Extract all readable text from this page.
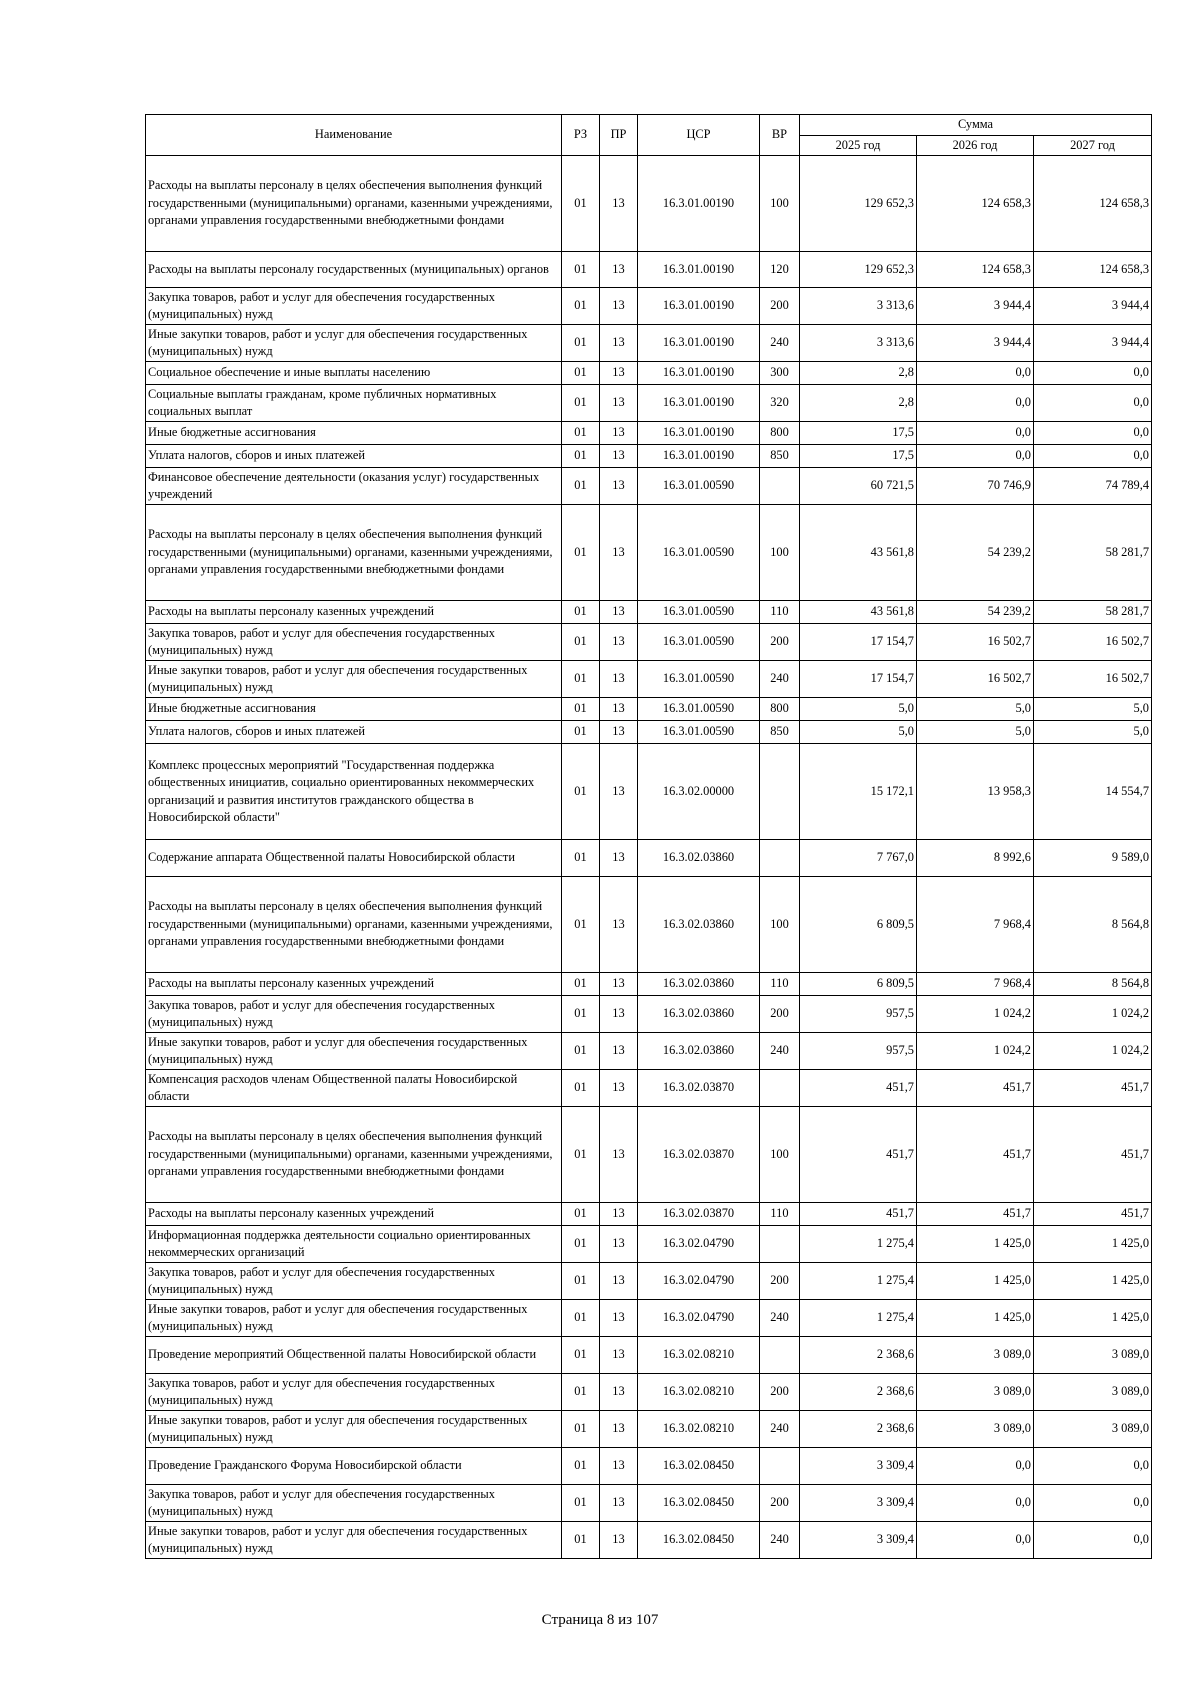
Наименование	РЗ	ПР	ЦСР	ВР	Сумма		
					2025 год	2026 год	2027 год
Расходы на выплаты персоналу в целях обеспечения выполнения функций государственными (муниципальными) органами, казенными учреждениями, органами управления государственными внебюджетными фондами	01	13	16.3.01.00190	100	129 652,3	124 658,3	124 658,3
Расходы на выплаты персоналу государственных (муниципальных) органов	01	13	16.3.01.00190	120	129 652,3	124 658,3	124 658,3
Закупка товаров, работ и услуг для обеспечения государственных (муниципальных) нужд	01	13	16.3.01.00190	200	3 313,6	3 944,4	3 944,4
Иные закупки товаров, работ и услуг для обеспечения государственных (муниципальных) нужд	01	13	16.3.01.00190	240	3 313,6	3 944,4	3 944,4
Социальное обеспечение и иные выплаты населению	01	13	16.3.01.00190	300	2,8	0,0	0,0
Социальные выплаты гражданам, кроме публичных нормативных социальных выплат	01	13	16.3.01.00190	320	2,8	0,0	0,0
Иные бюджетные ассигнования	01	13	16.3.01.00190	800	17,5	0,0	0,0
Уплата налогов, сборов и иных платежей	01	13	16.3.01.00190	850	17,5	0,0	0,0
Финансовое обеспечение деятельности (оказания услуг) государственных учреждений	01	13	16.3.01.00590		60 721,5	70 746,9	74 789,4
Расходы на выплаты персоналу в целях обеспечения выполнения функций государственными (муниципальными) органами, казенными учреждениями, органами управления государственными внебюджетными фондами	01	13	16.3.01.00590	100	43 561,8	54 239,2	58 281,7
Расходы на выплаты персоналу казенных учреждений	01	13	16.3.01.00590	110	43 561,8	54 239,2	58 281,7
Закупка товаров, работ и услуг для обеспечения государственных (муниципальных) нужд	01	13	16.3.01.00590	200	17 154,7	16 502,7	16 502,7
Иные закупки товаров, работ и услуг для обеспечения государственных (муниципальных) нужд	01	13	16.3.01.00590	240	17 154,7	16 502,7	16 502,7
Иные бюджетные ассигнования	01	13	16.3.01.00590	800	5,0	5,0	5,0
Уплата налогов, сборов и иных платежей	01	13	16.3.01.00590	850	5,0	5,0	5,0
Комплекс процессных мероприятий "Государственная поддержка общественных инициатив, социально ориентированных некоммерческих организаций и развития институтов гражданского общества в Новосибирской области"	01	13	16.3.02.00000		15 172,1	13 958,3	14 554,7
Содержание аппарата Общественной палаты Новосибирской области	01	13	16.3.02.03860		7 767,0	8 992,6	9 589,0
Расходы на выплаты персоналу в целях обеспечения выполнения функций государственными (муниципальными) органами, казенными учреждениями, органами управления государственными внебюджетными фондами	01	13	16.3.02.03860	100	6 809,5	7 968,4	8 564,8
Расходы на выплаты персоналу казенных учреждений	01	13	16.3.02.03860	110	6 809,5	7 968,4	8 564,8
Закупка товаров, работ и услуг для обеспечения государственных (муниципальных) нужд	01	13	16.3.02.03860	200	957,5	1 024,2	1 024,2
Иные закупки товаров, работ и услуг для обеспечения государственных (муниципальных) нужд	01	13	16.3.02.03860	240	957,5	1 024,2	1 024,2
Компенсация расходов членам Общественной палаты Новосибирской области	01	13	16.3.02.03870		451,7	451,7	451,7
Расходы на выплаты персоналу в целях обеспечения выполнения функций государственными (муниципальными) органами, казенными учреждениями, органами управления государственными внебюджетными фондами	01	13	16.3.02.03870	100	451,7	451,7	451,7
Расходы на выплаты персоналу казенных учреждений	01	13	16.3.02.03870	110	451,7	451,7	451,7
Информационная поддержка деятельности социально ориентированных некоммерческих организаций	01	13	16.3.02.04790		1 275,4	1 425,0	1 425,0
Закупка товаров, работ и услуг для обеспечения государственных (муниципальных) нужд	01	13	16.3.02.04790	200	1 275,4	1 425,0	1 425,0
Иные закупки товаров, работ и услуг для обеспечения государственных (муниципальных) нужд	01	13	16.3.02.04790	240	1 275,4	1 425,0	1 425,0
Проведение мероприятий Общественной палаты Новосибирской области	01	13	16.3.02.08210		2 368,6	3 089,0	3 089,0
Закупка товаров, работ и услуг для обеспечения государственных (муниципальных) нужд	01	13	16.3.02.08210	200	2 368,6	3 089,0	3 089,0
Иные закупки товаров, работ и услуг для обеспечения государственных (муниципальных) нужд	01	13	16.3.02.08210	240	2 368,6	3 089,0	3 089,0
Проведение Гражданского Форума Новосибирской области	01	13	16.3.02.08450		3 309,4	0,0	0,0
Закупка товаров, работ и услуг для обеспечения государственных (муниципальных) нужд	01	13	16.3.02.08450	200	3 309,4	0,0	0,0
Иные закупки товаров, работ и услуг для обеспечения государственных (муниципальных) нужд	01	13	16.3.02.08450	240	3 309,4	0,0	0,0
Страница 8 из 107
